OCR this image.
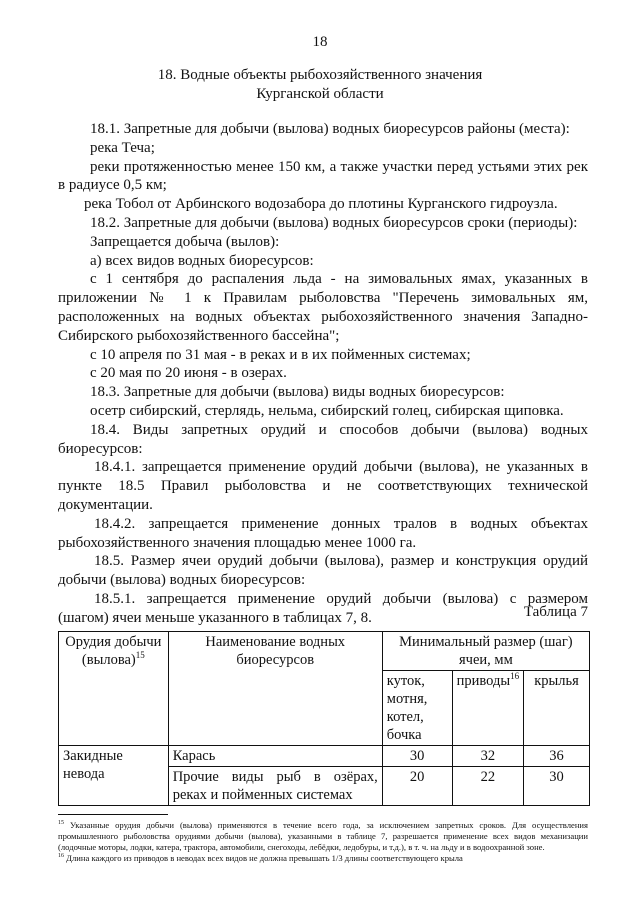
18
18. Водные объекты рыбохозяйственного значения
Курганской области

18.1. Запретные для добычи (вылова) водных биоресурсов районы (места):

река Теча;

реки протяженностью менее 150 км, а также участки перед устьями этих рек в радиусе 0,5 км;

река Тобол от Арбинского водозабора до плотины Курганского гидроузла.

18.2. Запретные для добычи (вылова) водных биоресурсов сроки (периоды):

Запрещается добыча (вылов):

а) всех видов водных биоресурсов:

с 1 сентября до распаления льда - на зимовальных ямах, указанных в приложении № 1 к Правилам рыболовства "Перечень зимовальных ям, расположенных на водных объектах рыбохозяйственного значения Западно-Сибирского рыбохозяйственного бассейна";

с 10 апреля по 31 мая - в реках и в их пойменных системах;

с 20 мая по 20 июня - в озерах.

18.3. Запретные для добычи (вылова) виды водных биоресурсов:

осетр сибирский, стерлядь, нельма, сибирский голец, сибирская щиповка.

18.4. Виды запретных орудий и способов добычи (вылова) водных биоресурсов:

18.4.1. запрещается применение орудий добычи (вылова), не указанных в пункте 18.5 Правил рыболовства и не соответствующих технической документации.

18.4.2. запрещается применение донных тралов в водных объектах рыбохозяйственного значения площадью менее 1000 га.

18.5. Размер ячеи орудий добычи (вылова), размер и конструкция орудий добычи (вылова) водных биоресурсов:

18.5.1. запрещается применение орудий добычи (вылова) с размером (шагом) ячеи меньше указанного в таблицах 7, 8.	Таблица 7
Орудия добычи (вылова)$^{15}$	Наименование водных биоресурсов	Минимальный размер (шаг) ячеи, мм		
		куток, мотня, котел, бочка	приводы$^{16}$	крылья
Закидные невода	Карась	30	32	36
	Прочие виды рыб в озёрах, реках и пойменных системах	20	22	30

$^{15}$ Указанные орудия добычи (вылова) применяются в течение всего года, за исключением запретных сроков. Для осуществления промышленного рыболовства орудиями добычи (вылова), указанными в таблице 7, разрешается применение всех видов механизации (лодочные моторы, лодки, катера, трактора, автомобили, снегоходы, лебёдки, ледобуры, и т.д.), в т. ч. на льду и в водоохранной зоне.

$^{16}$ Длина каждого из приводов в неводах всех видов не должна превышать 1/3 длины соответствующего крыла
